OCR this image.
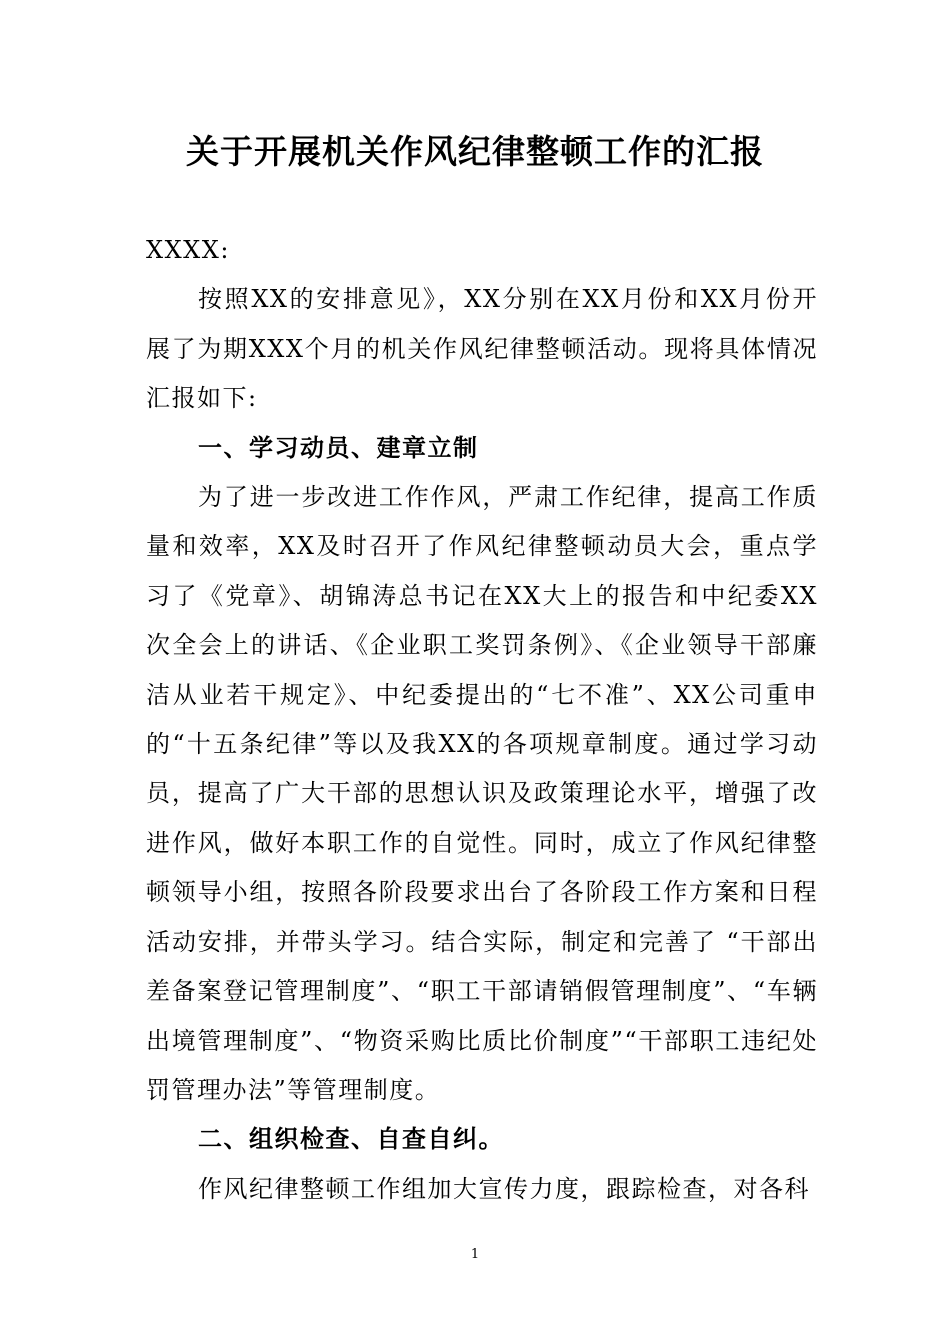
关于开展机关作风纪律整顿工作的汇报

XXXX:

按照XX的安排意见》，XX分别在XX月份和XX月份开展了为期XXX个月的机关作风纪律整顿活动。现将具体情况汇报如下:

一、学习动员、建章立制

为了进一步改进工作作风，严肃工作纪律，提高工作质量和效率，XX及时召开了作风纪律整顿动员大会，重点学习了《党章》、胡锦涛总书记在XX大上的报告和中纪委XX次全会上的讲话、《企业职工奖罚条例》、《企业领导干部廉洁从业若干规定》、中纪委提出的“七不准”、XX公司重申的“十五条纪律”等以及我XX的各项规章制度。通过学习动员，提高了广大干部的思想认识及政策理论水平，增强了改进作风，做好本职工作的自觉性。同时，成立了作风纪律整顿领导小组，按照各阶段要求出台了各阶段工作方案和日程活动安排，并带头学习。结合实际，制定和完善了 “干部出差备案登记管理制度”、“职工干部请销假管理制度”、“车辆出境管理制度”、“物资采购比质比价制度”“干部职工违纪处罚管理办法”等管理制度。

二、组织检查、自查自纠。

作风纪律整顿工作组加大宣传力度，跟踪检查，对各科

1
